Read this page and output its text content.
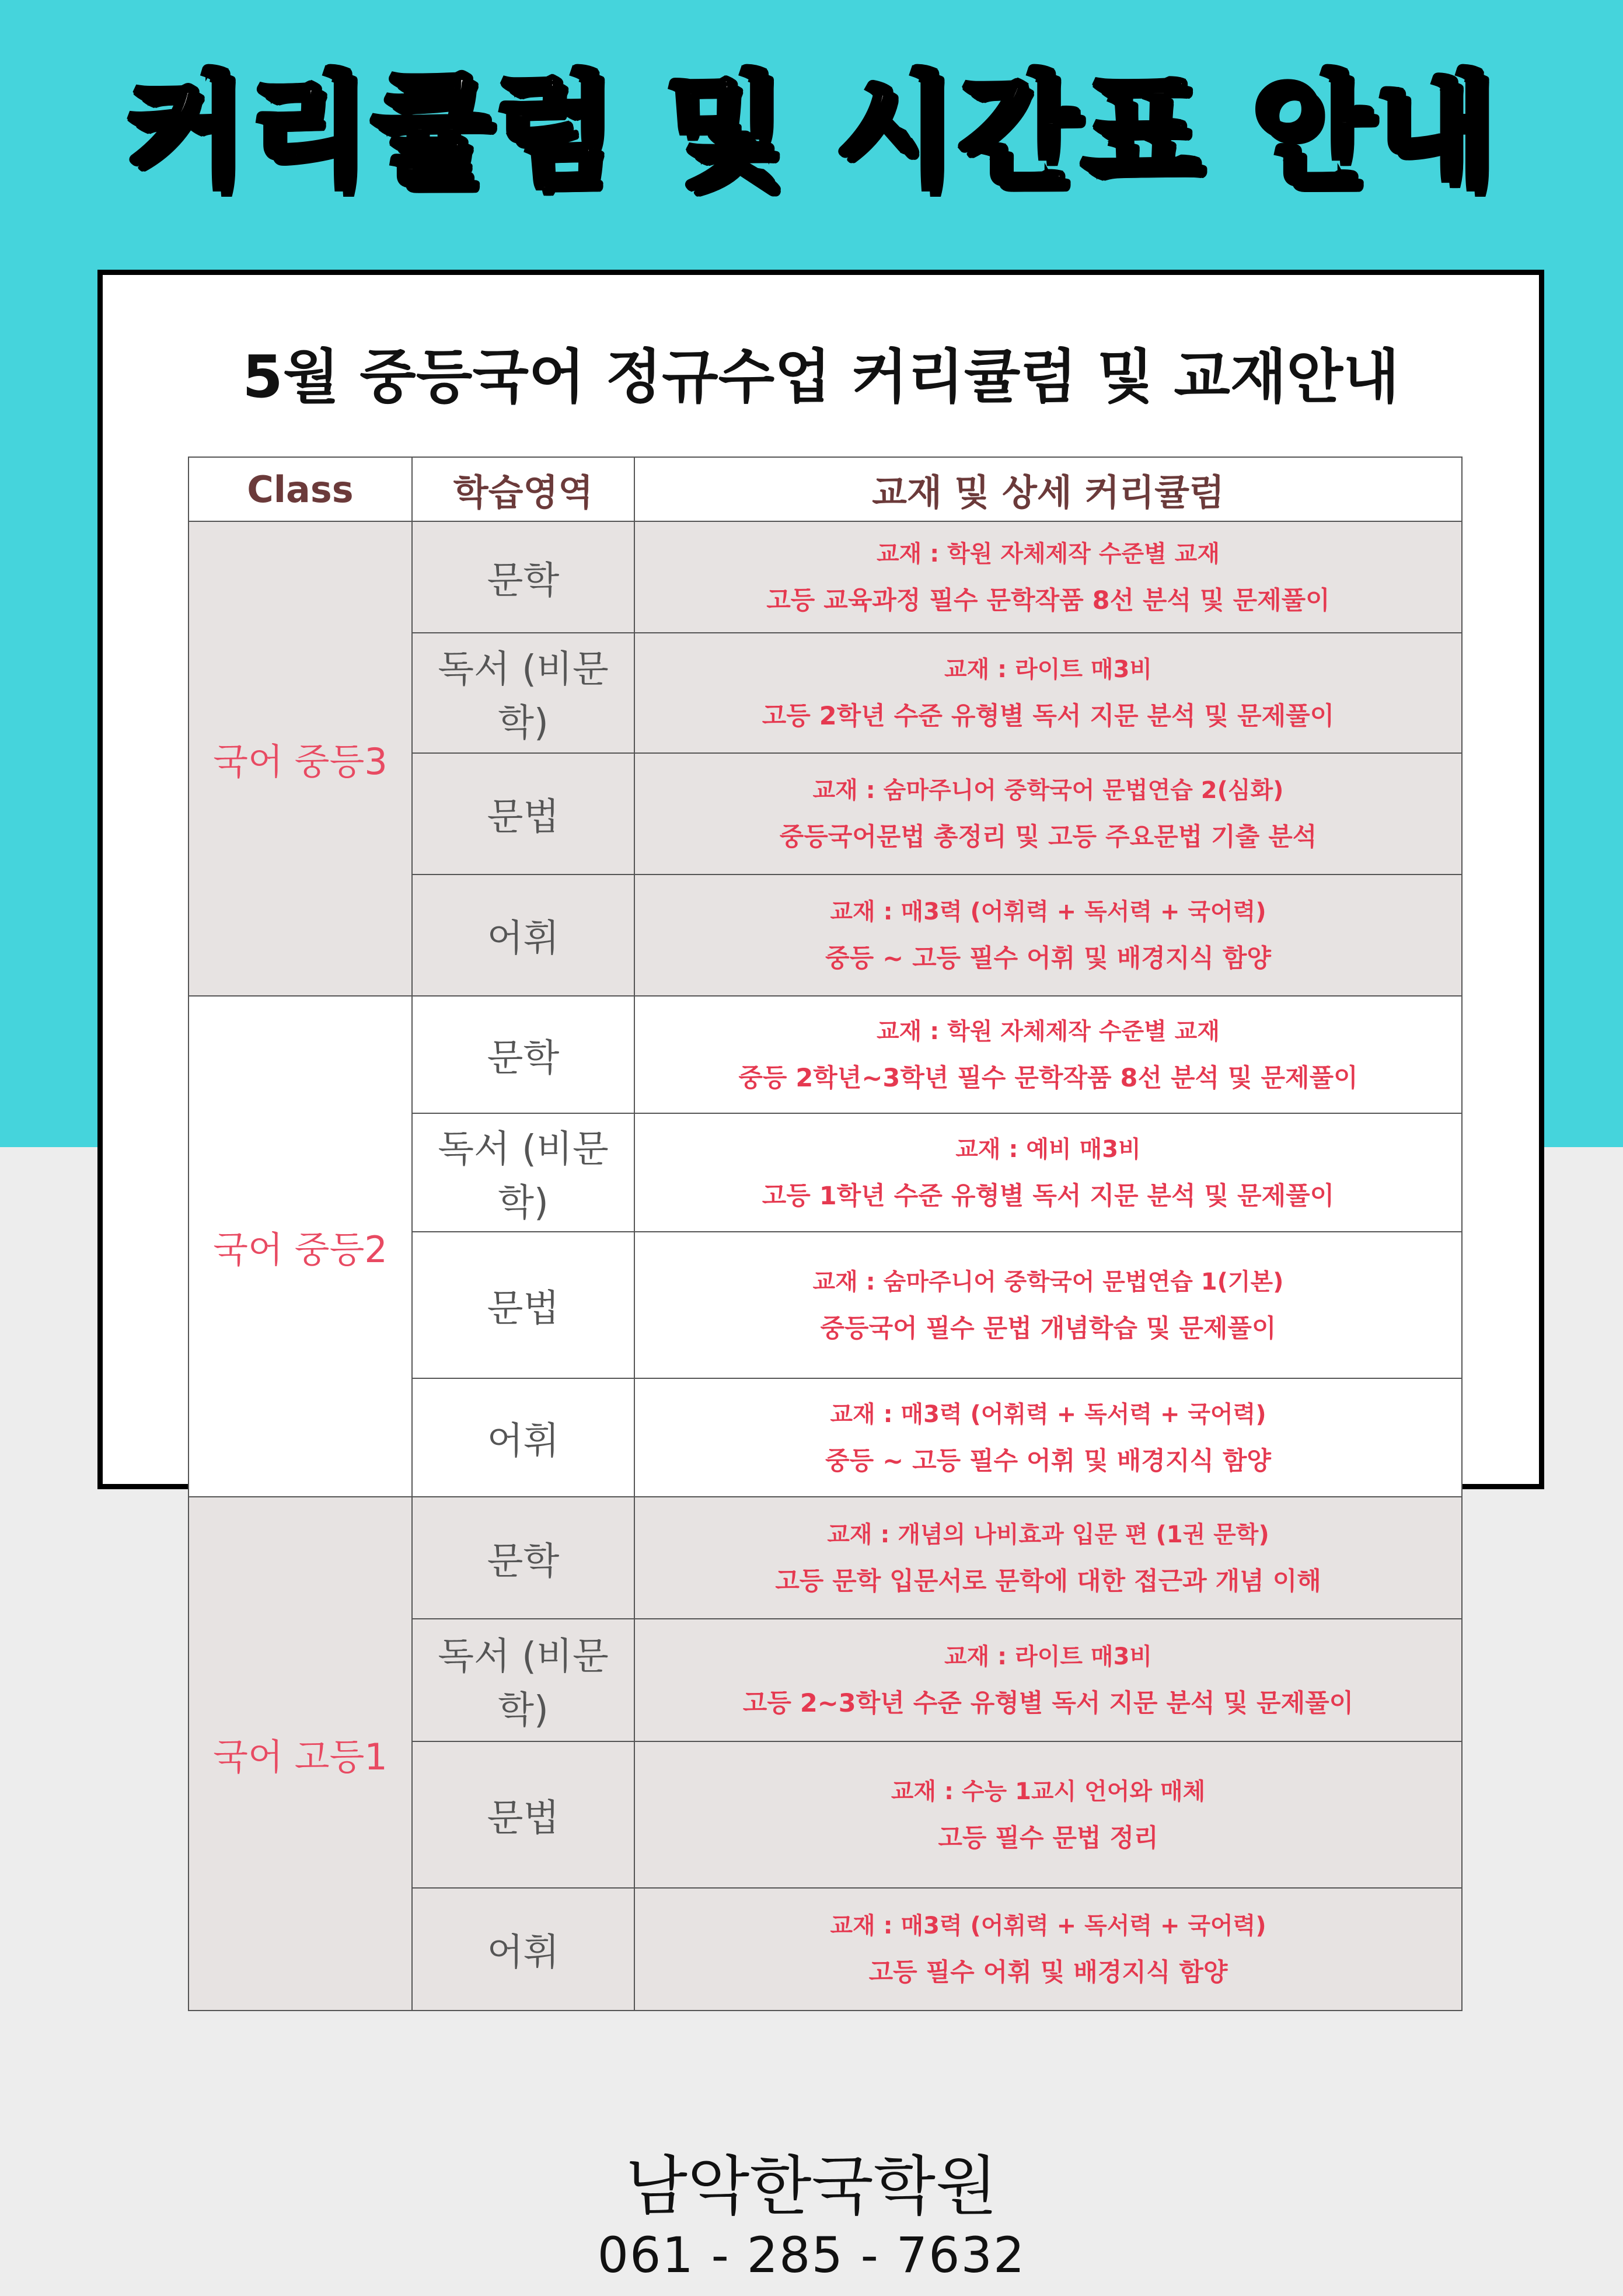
커리큘럼 및 시간표 안내
5월 중등국어 정규수업 커리큘럼 및 교재안내
Class	학습영역	교재 및 상세 커리큘럼
국어 중등3	문학	교재 : 학원 자체제작 수준별 교재
고등 교육과정 필수 문학작품 8선 분석 및 문제풀이

	독서 (비문학)	교재 : 라이트 매3비
고등 2학년 수준 유형별 독서 지문 분석 및 문제풀이

	문법	교재 : 숨마주니어 중학국어 문법연습 2(심화)
중등국어문법 총정리 및 고등 주요문법 기출 분석

	어휘	교재 : 매3력 (어휘력 + 독서력 + 국어력)
중등 ~ 고등 필수 어휘 및 배경지식 함양

국어 중등2	문학	교재 : 학원 자체제작 수준별 교재
중등 2학년~3학년 필수 문학작품 8선 분석 및 문제풀이

	독서 (비문학)	교재 : 예비 매3비
고등 1학년 수준 유형별 독서 지문 분석 및 문제풀이

	문법	교재 : 숨마주니어 중학국어 문법연습 1(기본)
중등국어 필수 문법 개념학습 및 문제풀이

	어휘	교재 : 매3력 (어휘력 + 독서력 + 국어력)
중등 ~ 고등 필수 어휘 및 배경지식 함양

국어 고등1	문학	교재 : 개념의 나비효과 입문 편 (1권 문학)
고등 문학 입문서로 문학에 대한 접근과 개념 이해

	독서 (비문학)	교재 : 라이트 매3비
고등 2~3학년 수준 유형별 독서 지문 분석 및 문제풀이

	문법	교재 : 수능 1교시 언어와 매체
고등 필수 문법 정리

	어휘	교재 : 매3력 (어휘력 + 독서력 + 국어력)
고등 필수 어휘 및 배경지식 함양
남악한국학원
061 - 285 - 7632
